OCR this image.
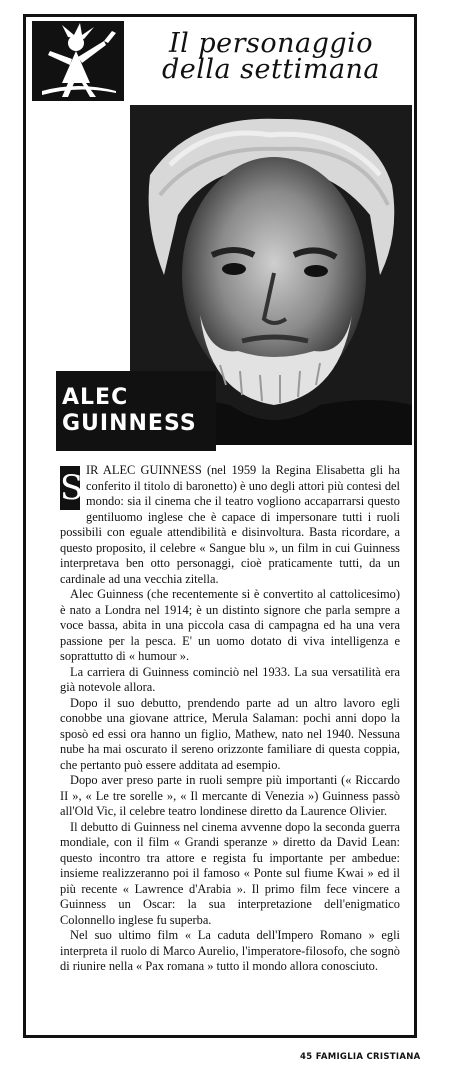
Il personaggio
della settimana
ALEC
GUINNESS

S IR ALEC GUINNESS (nel 1959 la Regina Elisabetta gli ha conferito il titolo di baronetto) è uno degli attori più contesi del mondo: sia il cinema che il teatro vogliono accaparrarsi questo gentiluomo inglese che è capace di impersonare tutti i ruoli possibili con eguale attendibilità e disinvoltura. Basta ricordare, a questo proposito, il celebre « Sangue blu », un film in cui Guinness interpretava ben otto personaggi, cioè praticamente tutti, da un cardinale ad una vecchia zitella.

Alec Guinness (che recentemente si è convertito al cattolicesimo) è nato a Londra nel 1914; è un distinto signore che parla sempre a voce bassa, abita in una piccola casa di campagna ed ha una vera passione per la pesca. E' un uomo dotato di viva intelligenza e soprattutto di « humour ».

La carriera di Guinness cominciò nel 1933. La sua versatilità era già notevole allora.

Dopo il suo debutto, prendendo parte ad un altro lavoro egli conobbe una giovane attrice, Merula Salaman: pochi anni dopo la sposò ed essi ora hanno un figlio, Mathew, nato nel 1940. Nessuna nube ha mai oscurato il sereno orizzonte familiare di questa coppia, che pertanto può essere additata ad esempio.

Dopo aver preso parte in ruoli sempre più importanti (« Riccardo II », « Le tre sorelle », « Il mercante di Venezia ») Guinness passò all'Old Vic, il celebre teatro londinese diretto da Laurence Olivier.

Il debutto di Guinness nel cinema avvenne dopo la seconda guerra mondiale, con il film « Grandi speranze » diretto da David Lean: questo incontro tra attore e regista fu importante per ambedue: insieme realizzeranno poi il famoso « Ponte sul fiume Kwai » ed il più recente « Lawrence d'Arabia ». Il primo film fece vincere a Guinness un Oscar: la sua interpretazione dell'enigmatico Colonnello inglese fu superba.

Nel suo ultimo film « La caduta dell'Impero Romano » egli interpreta il ruolo di Marco Aurelio, l'imperatore-filosofo, che sognò di riunire nella « Pax romana » tutto il mondo allora conosciuto.

45 FAMIGLIA CRISTIANA
